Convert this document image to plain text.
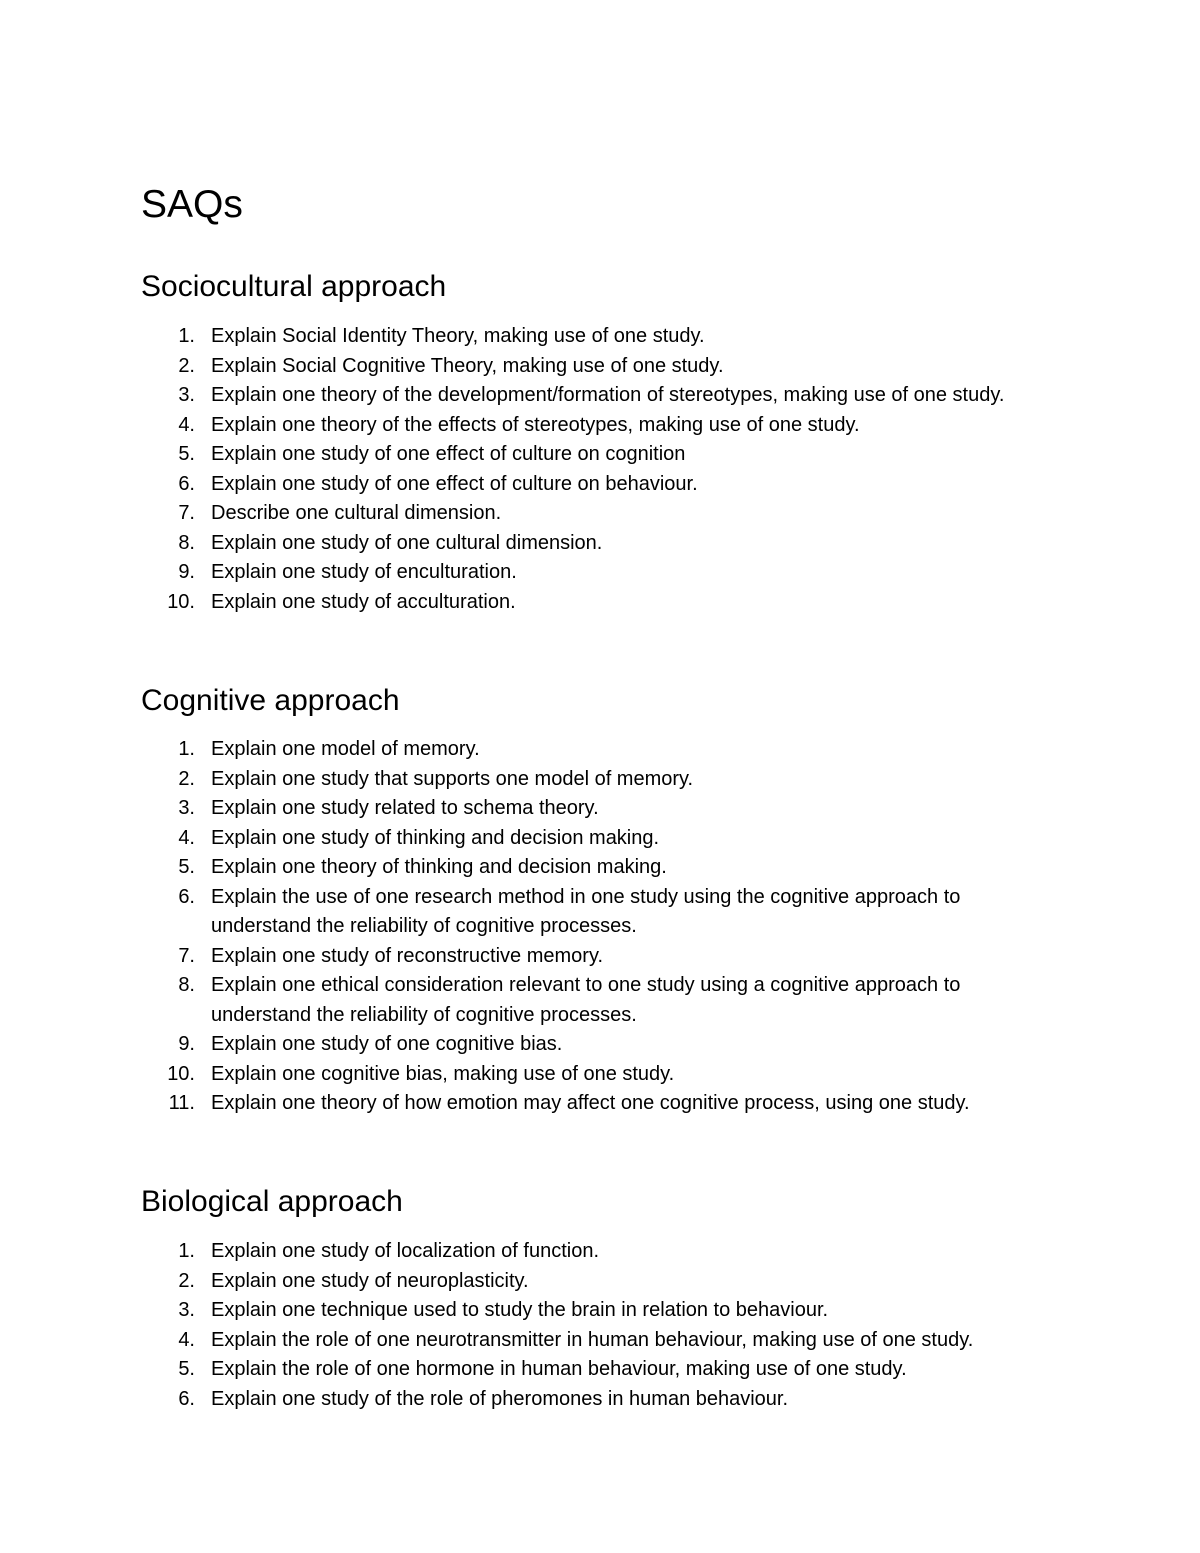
SAQs
Sociocultural approach
1. Explain Social Identity Theory, making use of one study.
2. Explain Social Cognitive Theory, making use of one study.
3. Explain one theory of the development/formation of stereotypes, making use of one study.
4. Explain one theory of the effects of stereotypes, making use of one study.
5. Explain one study of one effect of culture on cognition
6. Explain one study of one effect of culture on behaviour.
7. Describe one cultural dimension.
8. Explain one study of one cultural dimension.
9. Explain one study of enculturation.
10. Explain one study of acculturation.
Cognitive approach
1. Explain one model of memory.
2. Explain one study that supports one model of memory.
3. Explain one study related to schema theory.
4. Explain one study of thinking and decision making.
5. Explain one theory of thinking and decision making.
6. Explain the use of one research method in one study using the cognitive approach to understand the reliability of cognitive processes.
7. Explain one study of reconstructive memory.
8. Explain one ethical consideration relevant to one study using a cognitive approach to understand the reliability of cognitive processes.
9. Explain one study of one cognitive bias.
10. Explain one cognitive bias, making use of one study.
11. Explain one theory of how emotion may affect one cognitive process, using one study.
Biological approach
1. Explain one study of localization of function.
2. Explain one study of neuroplasticity.
3. Explain one technique used to study the brain in relation to behaviour.
4. Explain the role of one neurotransmitter in human behaviour, making use of one study.
5. Explain the role of one hormone in human behaviour, making use of one study.
6. Explain one study of the role of pheromones in human behaviour.
